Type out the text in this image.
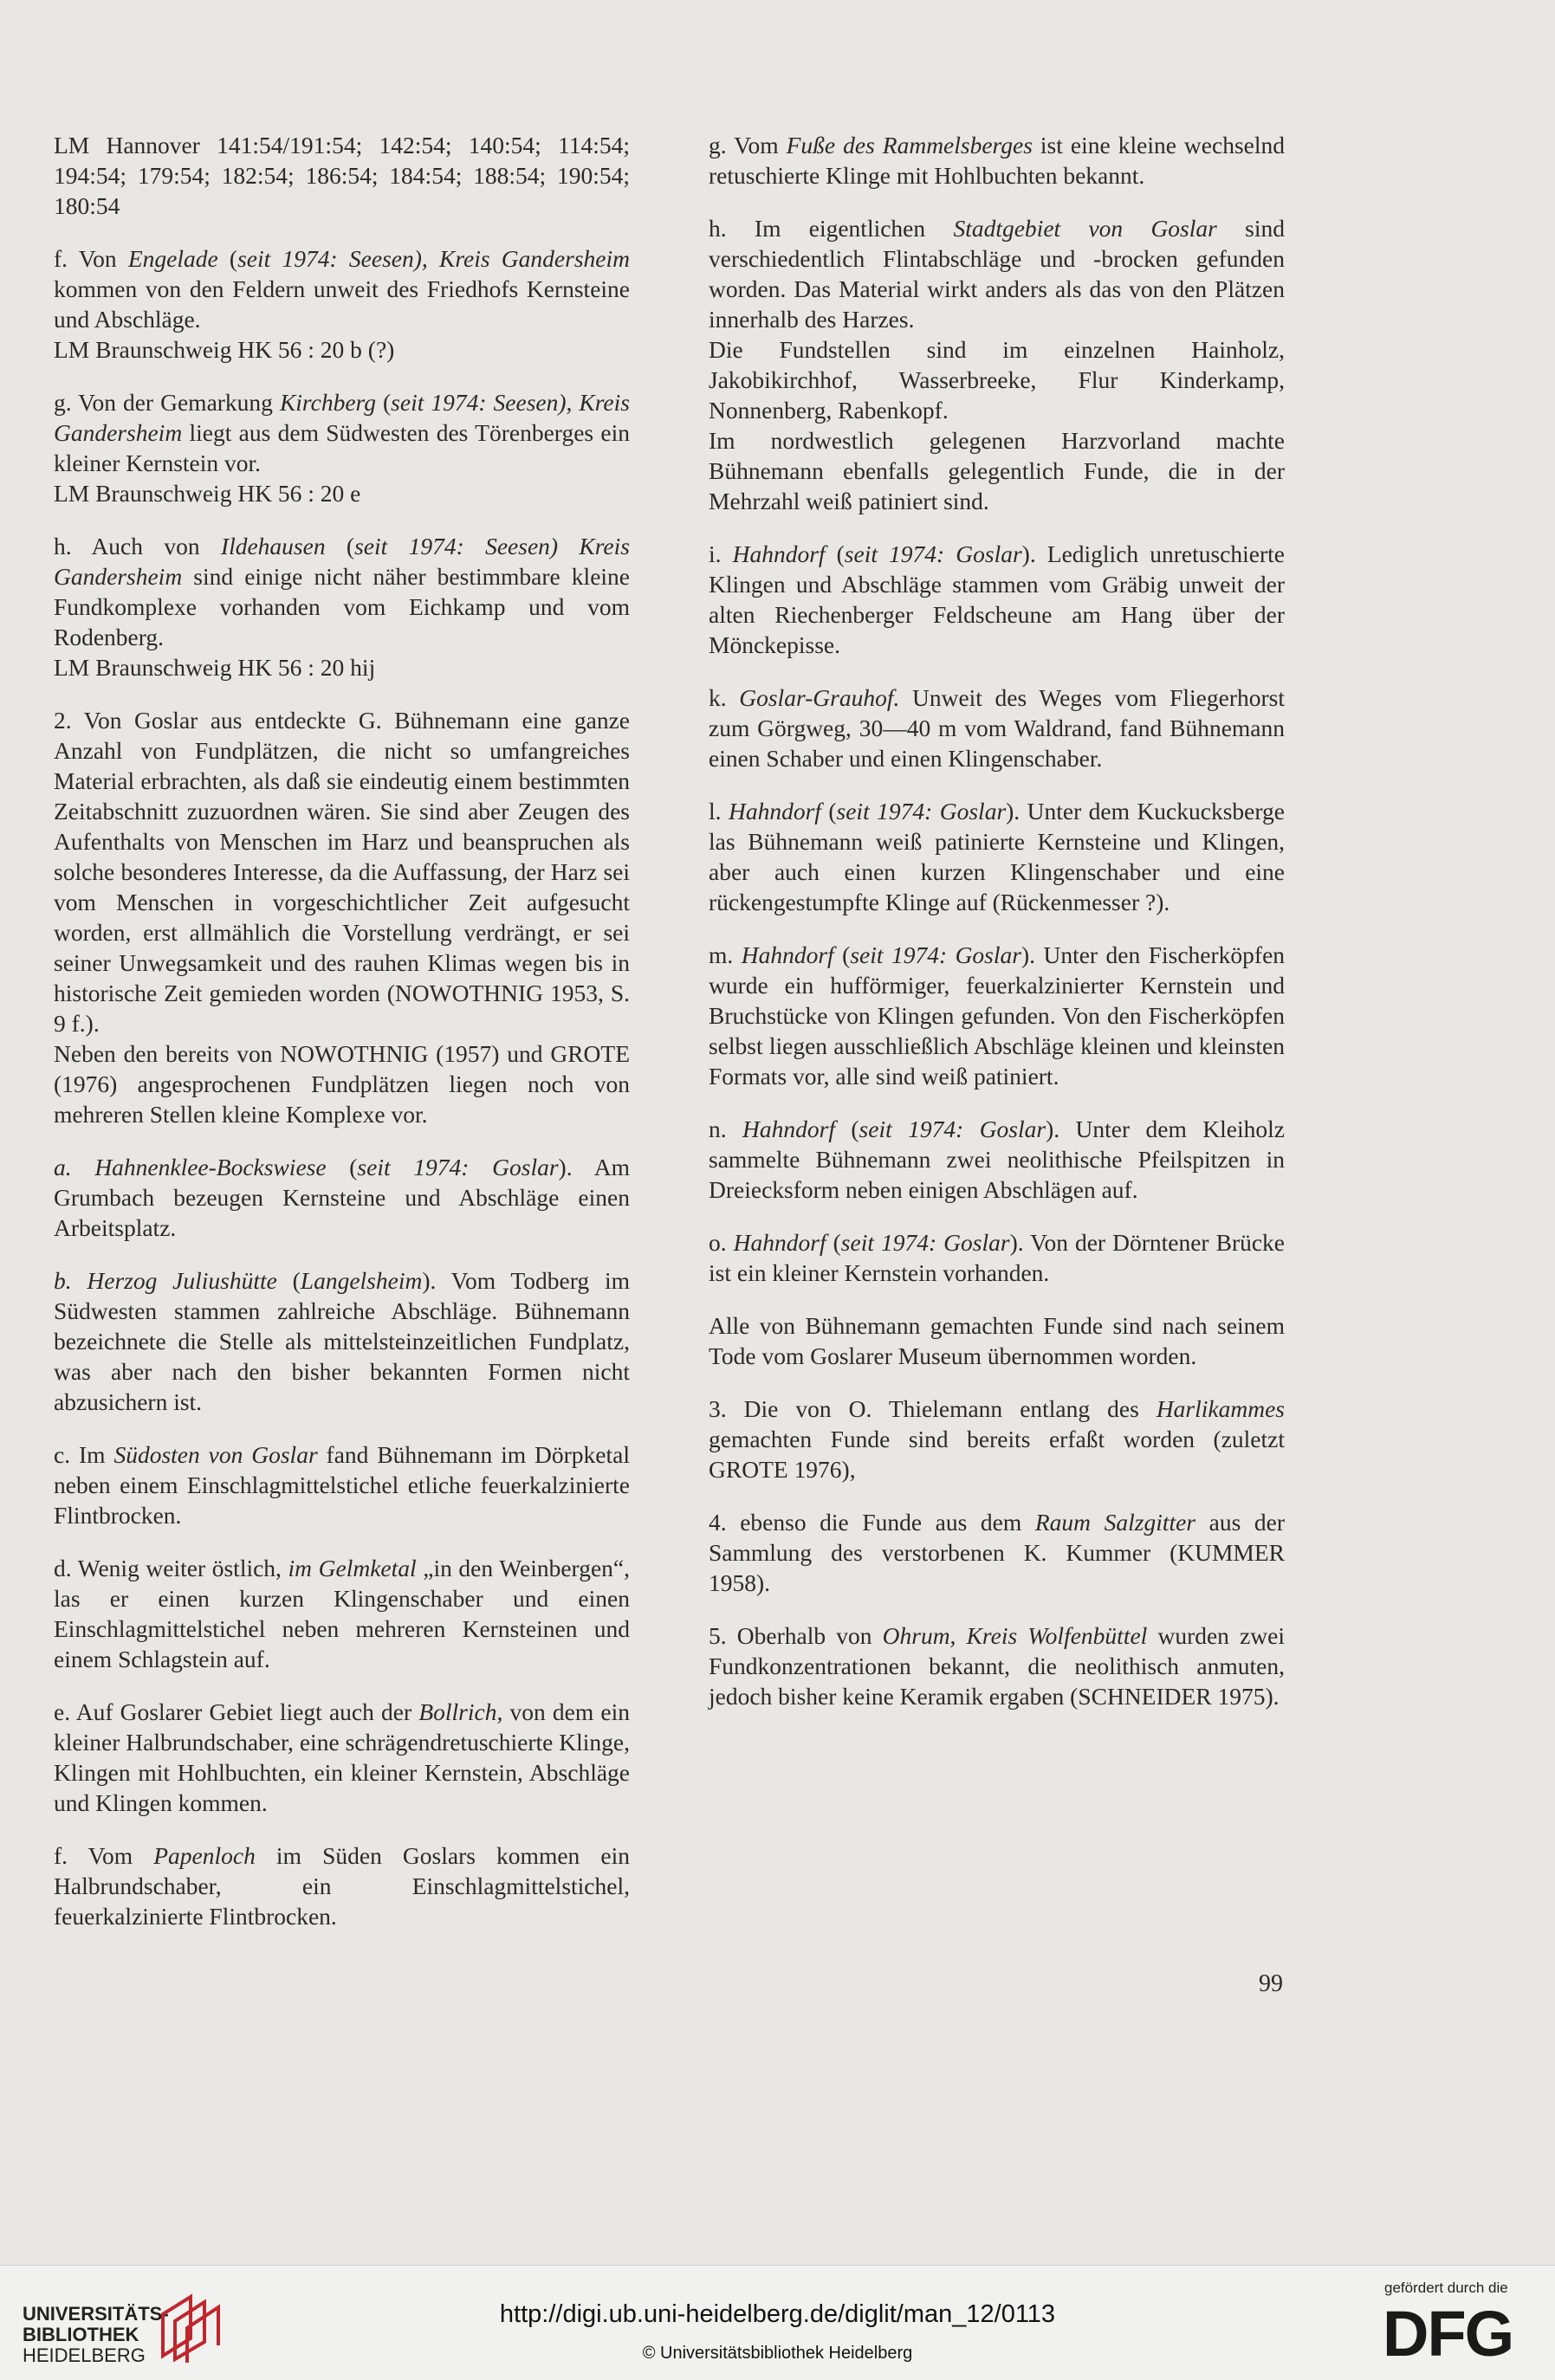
LM Hannover 141:54/191:54; 142:54; 140:54; 114:54; 194:54; 179:54; 182:54; 186:54; 184:54; 188:54; 190:54; 180:54

f. Von Engelade (seit 1974: Seesen), Kreis Gandersheim kommen von den Feldern unweit des Friedhofs Kernsteine und Abschläge.

LM Braunschweig HK 56 : 20 b (?)

g. Von der Gemarkung Kirchberg (seit 1974: Seesen), Kreis Gandersheim liegt aus dem Südwesten des Törenberges ein kleiner Kernstein vor.

LM Braunschweig HK 56 : 20 e

h. Auch von Ildehausen (seit 1974: Seesen) Kreis Gandersheim sind einige nicht näher bestimmbare kleine Fundkomplexe vorhanden vom Eichkamp und vom Rodenberg.

LM Braunschweig HK 56 : 20 hij

2. Von Goslar aus entdeckte G. Bühnemann eine ganze Anzahl von Fundplätzen, die nicht so umfangreiches Material erbrachten, als daß sie eindeutig einem bestimmten Zeitabschnitt zuzuordnen wären. Sie sind aber Zeugen des Aufenthalts von Menschen im Harz und beanspruchen als solche besonderes Interesse, da die Auffassung, der Harz sei vom Menschen in vorgeschichtlicher Zeit aufgesucht worden, erst allmählich die Vorstellung verdrängt, er sei seiner Unwegsamkeit und des rauhen Klimas wegen bis in historische Zeit gemieden worden (NOWOTHNIG 1953, S. 9 f.).

Neben den bereits von NOWOTHNIG (1957) und GROTE (1976) angesprochenen Fundplätzen liegen noch von mehreren Stellen kleine Komplexe vor.

a. Hahnenklee-Bockswiese (seit 1974: Goslar). Am Grumbach bezeugen Kernsteine und Abschläge einen Arbeitsplatz.

b. Herzog Juliushütte (Langelsheim). Vom Todberg im Südwesten stammen zahlreiche Abschläge. Bühnemann bezeichnete die Stelle als mittelsteinzeitlichen Fundplatz, was aber nach den bisher bekannten Formen nicht abzusichern ist.

c. Im Südosten von Goslar fand Bühnemann im Dörpketal neben einem Einschlagmittelstichel etliche feuerkalzinierte Flintbrocken.

d. Wenig weiter östlich, im Gelmketal „in den Weinbergen“, las er einen kurzen Klingenschaber und einen Einschlagmittelstichel neben mehreren Kernsteinen und einem Schlagstein auf.

e. Auf Goslarer Gebiet liegt auch der Bollrich, von dem ein kleiner Halbrundschaber, eine schrägendretuschierte Klinge, Klingen mit Hohlbuchten, ein kleiner Kernstein, Abschläge und Klingen kommen.

f. Vom Papenloch im Süden Goslars kommen ein Halbrundschaber, ein Einschlagmittelstichel, feuerkalzinierte Flintbrocken.

g. Vom Fuße des Rammelsberges ist eine kleine wechselnd retuschierte Klinge mit Hohlbuchten bekannt.

h. Im eigentlichen Stadtgebiet von Goslar sind verschiedentlich Flintabschläge und -brocken gefunden worden. Das Material wirkt anders als das von den Plätzen innerhalb des Harzes.

Die Fundstellen sind im einzelnen Hainholz, Jakobikirchhof, Wasserbreeke, Flur Kinderkamp, Nonnenberg, Rabenkopf.

Im nordwestlich gelegenen Harzvorland machte Bühnemann ebenfalls gelegentlich Funde, die in der Mehrzahl weiß patiniert sind.

i. Hahndorf (seit 1974: Goslar). Lediglich unretuschierte Klingen und Abschläge stammen vom Gräbig unweit der alten Riechenberger Feldscheune am Hang über der Mönckepisse.

k. Goslar-Grauhof. Unweit des Weges vom Fliegerhorst zum Görgweg, 30—40 m vom Waldrand, fand Bühnemann einen Schaber und einen Klingenschaber.

l. Hahndorf (seit 1974: Goslar). Unter dem Kuckucksberge las Bühnemann weiß patinierte Kernsteine und Klingen, aber auch einen kurzen Klingenschaber und eine rückengestumpfte Klinge auf (Rückenmesser ?).

m. Hahndorf (seit 1974: Goslar). Unter den Fischerköpfen wurde ein hufförmiger, feuerkalzinierter Kernstein und Bruchstücke von Klingen gefunden. Von den Fischerköpfen selbst liegen ausschließlich Abschläge kleinen und kleinsten Formats vor, alle sind weiß patiniert.

n. Hahndorf (seit 1974: Goslar). Unter dem Kleiholz sammelte Bühnemann zwei neolithische Pfeilspitzen in Dreiecksform neben einigen Abschlägen auf.

o. Hahndorf (seit 1974: Goslar). Von der Dörntener Brücke ist ein kleiner Kernstein vorhanden.

Alle von Bühnemann gemachten Funde sind nach seinem Tode vom Goslarer Museum übernommen worden.

3. Die von O. Thielemann entlang des Harlikammes gemachten Funde sind bereits erfaßt worden (zuletzt GROTE 1976),

4. ebenso die Funde aus dem Raum Salzgitter aus der Sammlung des verstorbenen K. Kummer (KUMMER 1958).

5. Oberhalb von Ohrum, Kreis Wolfenbüttel wurden zwei Fundkonzentrationen bekannt, die neolithisch anmuten, jedoch bisher keine Keramik ergaben (SCHNEIDER 1975).

99
UNIVERSITÄTS-
BIBLIOTHEK
HEIDELBERG
http://digi.ub.uni-heidelberg.de/diglit/man_12/0113
© Universitätsbibliothek Heidelberg
gefördert durch die
DFG
